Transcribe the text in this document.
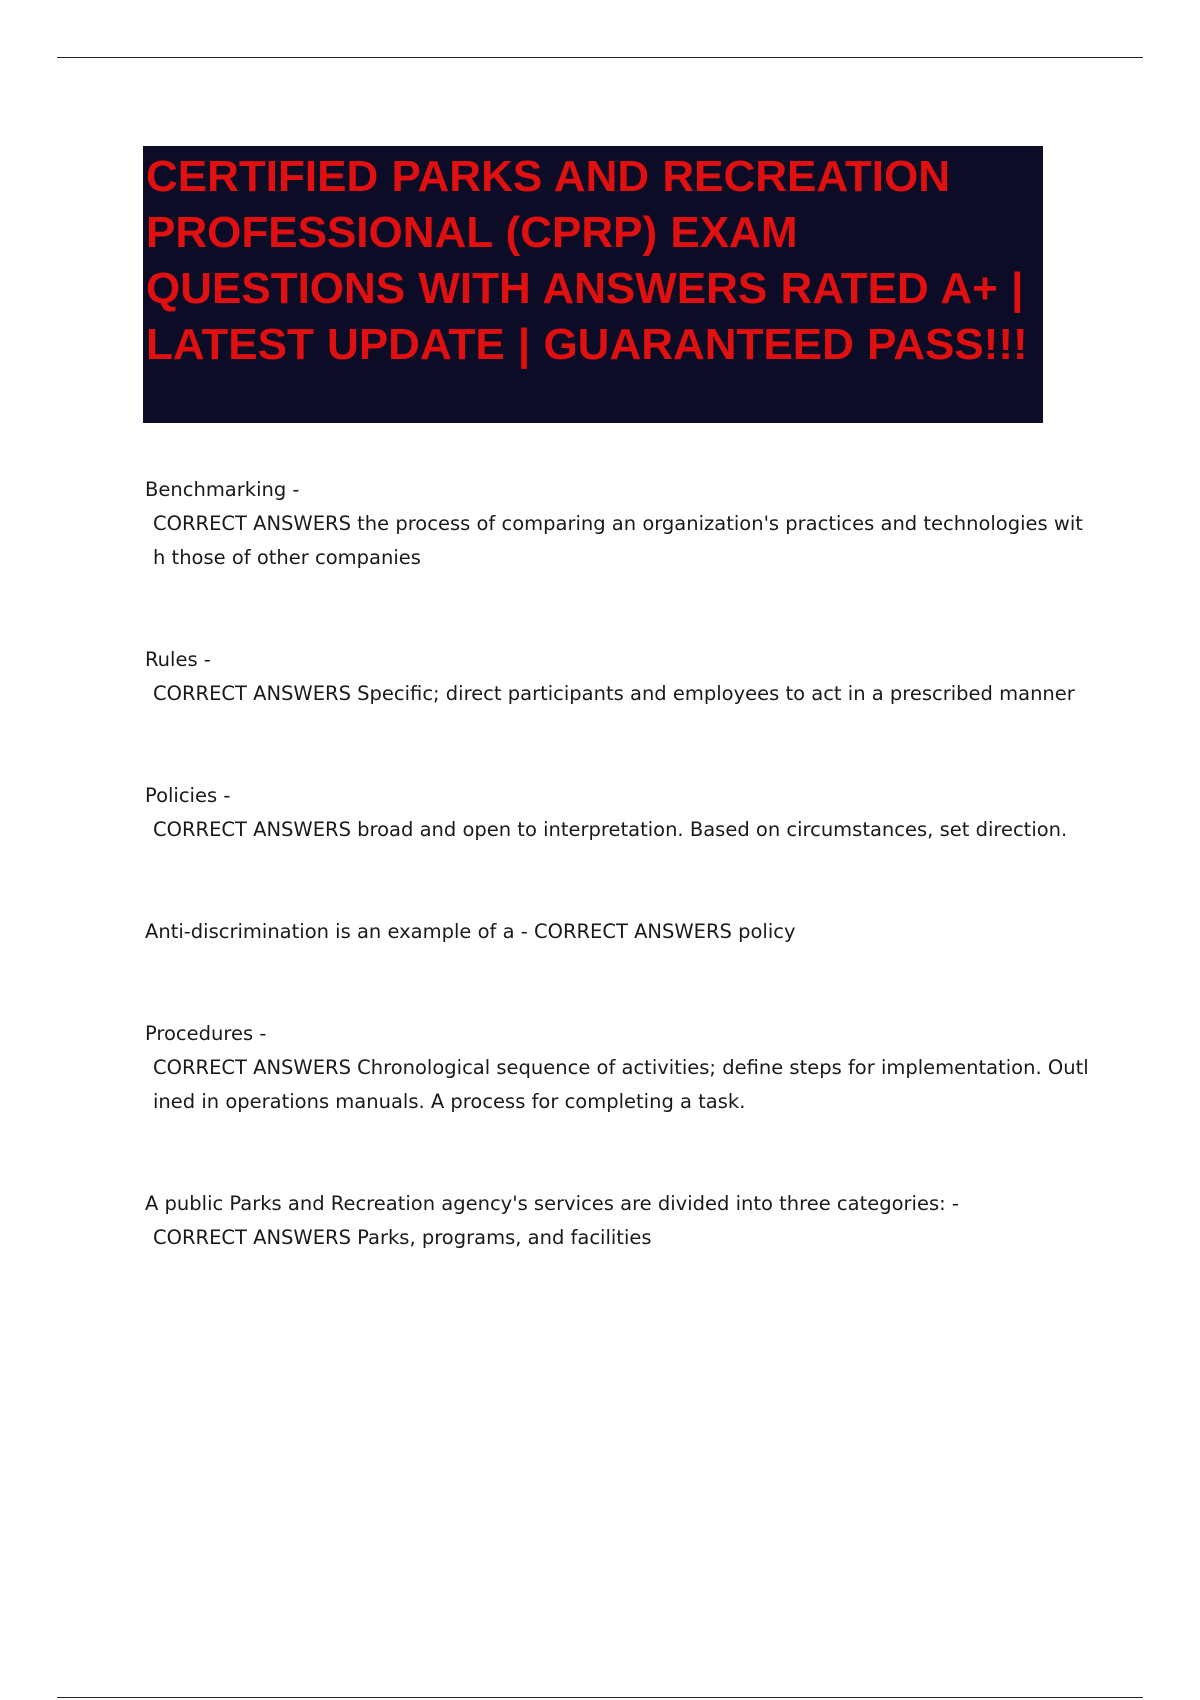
CERTIFIED PARKS AND RECREATION PROFESSIONAL (CPRP) EXAM QUESTIONS WITH ANSWERS RATED A+ | LATEST UPDATE | GUARANTEED PASS!!!
Benchmarking -
CORRECT ANSWERS the process of comparing an organization's practices and technologies with those of other companies
Rules -
CORRECT ANSWERS Specific; direct participants and employees to act in a prescribed manner
Policies -
CORRECT ANSWERS broad and open to interpretation. Based on circumstances, set direction.
Anti-discrimination is an example of a - CORRECT ANSWERS policy
Procedures -
CORRECT ANSWERS Chronological sequence of activities; define steps for implementation. Outlined in operations manuals. A process for completing a task.
A public Parks and Recreation agency's services are divided into three categories: -
CORRECT ANSWERS Parks, programs, and facilities
